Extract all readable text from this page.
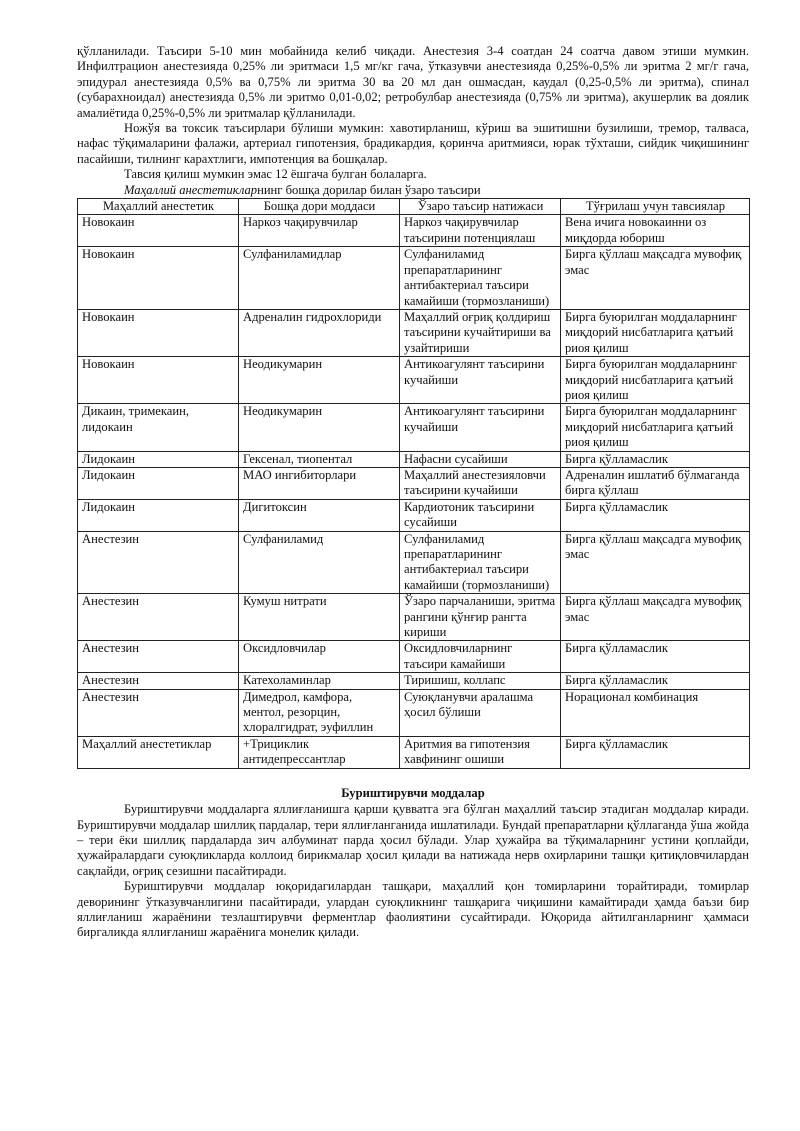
қўлланилади. Таъсири 5-10 мин мобайнида келиб чиқади. Анестезия 3-4 соатдан 24 соатча давом этиши мумкин. Инфилтрацион анестезияда 0,25% ли эритмаси 1,5 мг/кг гача, ўтказувчи анестезияда 0,25%-0,5% ли эритма 2 мг/г гача, эпидурал анестезияда 0,5% ва 0,75% ли эритма 30 ва 20 мл дан ошмасдан, каудал (0,25-0,5% ли эритма), спинал (субарахноидал) анестезияда 0,5% ли эритмо 0,01-0,02; ретробулбар анестезияда (0,75% ли эритма), акушерлик ва доялик амалиётида 0,25%-0,5% ли эритмалар қўлланилади.

Ножўя ва токсик таъсирлари бўлиши мумкин: хавотирланиш, кўриш ва эшитишни бузилиши, тремор, талваса, нафас тўқималарини фалажи, артериал гипотензия, брадикардия, қоринча аритмияси, юрак тўхташи, сийдик чиқишининг пасайиши, тилнинг карахтлиги, импотенция ва бошқалар.

Тавсия қилиш мумкин эмас 12 ёшгача булган болаларга.

Маҳаллий анестетикларнинг бошқа дорилар билан ўзаро таъсири

Маҳаллий анестетик	Бошқа дори моддаси	Ўзаро таъсир натижаси	Тўғрилаш учун тавсиялар
Новокаин	Наркоз чақирувчилар	Наркоз чақирувчилар таъсирини потенциялаш	Вена ичига новокаинни оз миқдорда юбориш
Новокаин	Сулфаниламидлар	Сулфаниламид препаратларининг антибактериал таъсири камайиши (тормозланиши)	Бирга қўллаш мақсадга мувофиқ эмас
Новокаин	Адреналин гидрохлориди	Маҳаллий оғриқ қолдириш таъсирини кучайтириши ва узайтириши	Бирга буюрилган моддаларнинг миқдорий нисбатларига қатъий риоя қилиш
Новокаин	Неодикумарин	Антикоагулянт таъсирини кучайиши	Бирга буюрилган моддаларнинг миқдорий нисбатларига қатъий риоя қилиш
Дикаин, тримекаин, лидокаин	Неодикумарин	Антикоагулянт таъсирини кучайиши	Бирга буюрилган моддаларнинг миқдорий нисбатларига қатъий риоя қилиш
Лидокаин	Гексенал, тиопентал	Нафасни сусайиши	Бирга қўлламаслик
Лидокаин	МАО ингибиторлари	Маҳаллий анестезияловчи таъсирини кучайиши	Адреналин ишлатиб бўлмаганда бирга қўллаш
Лидокаин	Дигитоксин	Кардиотоник таъсирини сусайиши	Бирга қўлламаслик
Анестезин	Сулфаниламид	Сулфаниламид препаратларининг антибактериал таъсири камайиши (тормозланиши)	Бирга қўллаш мақсадга мувофиқ эмас
Анестезин	Кумуш нитрати	Ўзаро парчаланиши, эритма рангини қўнғир рангта кириши	Бирга қўллаш мақсадга мувофиқ эмас
Анестезин	Оксидловчилар	Оксидловчиларнинг таъсири камайиши	Бирга қўлламаслик
Анестезин	Катехоламинлар	Тиришиш, коллапс	Бирга қўлламаслик
Анестезин	Димедрол, камфора, ментол, резорцин, хлоралгидрат, эуфиллин	Суюқланувчи аралашма ҳосил бўлиши	Норационал комбинация
Маҳаллий анестетиклар	+Трициклик антидепрессантлар	Аритмия ва гипотензия хавфининг ошиши	Бирга қўлламаслик
Буриштирувчи моддалар

Буриштирувчи моддаларга яллиғланишга қарши қувватга эга бўлган маҳаллий таъсир этадиган моддалар киради. Буриштирувчи моддалар шиллиқ пардалар, тери яллиғланганида ишлатилади. Бундай препаратларни қўллаганда ўша жойда – тери ёки шиллиқ пардаларда зич албуминат парда ҳосил бўлади. Улар ҳужайра ва тўқималарнинг устини қоплайди, ҳужайралардаги суюқликларда коллоид бирикмалар ҳосил қилади ва натижада нерв охирларини ташқи қитиқловчилардан сақлайди, оғриқ сезишни пасайтиради.

Буриштирувчи моддалар юқоридагилардан ташқари, маҳаллий қон томирларини торайтиради, томирлар деворининг ўтказувчанлигини пасайтиради, улардан суюқликнинг ташқарига чиқишини камайтиради ҳамда баъзи бир яллиғланиш жараёнини тезлаштирувчи ферментлар фаолиятини сусайтиради. Юқорида айтилганларнинг ҳаммаси биргаликда яллиғланиш жараёнига монелик қилади.
